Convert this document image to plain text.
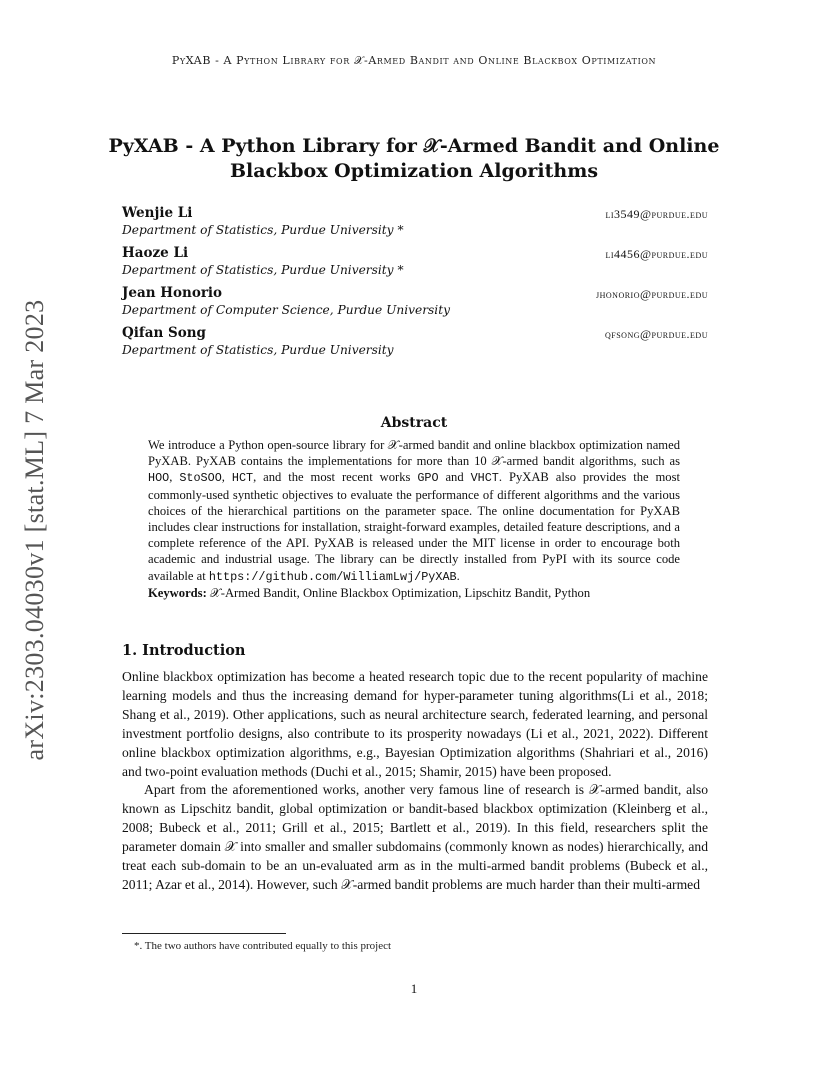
PyXAB - A Python Library for 𝒳-Armed Bandit and Online Blackbox Optimization
arXiv:2303.04030v1 [stat.ML] 7 Mar 2023
PyXAB - A Python Library for 𝒳-Armed Bandit and Online
Blackbox Optimization Algorithms
Wenjie Li	li3549@purdue.edu
Department of Statistics, Purdue University *
Haoze Li	li4456@purdue.edu
Department of Statistics, Purdue University *
Jean Honorio	jhonorio@purdue.edu
Department of Computer Science, Purdue University
Qifan Song	qfsong@purdue.edu
Department of Statistics, Purdue University
Abstract

We introduce a Python open-source library for 𝒳-armed bandit and online blackbox optimization named PyXAB. PyXAB contains the implementations for more than 10 𝒳-armed bandit algorithms, such as HOO, StoSOO, HCT, and the most recent works GPO and VHCT. PyXAB also provides the most commonly-used synthetic objectives to evaluate the performance of different algorithms and the various choices of the hierarchical partitions on the parameter space. The online documentation for PyXAB includes clear instructions for installation, straight-forward examples, detailed feature descriptions, and a complete reference of the API. PyXAB is released under the MIT license in order to encourage both academic and industrial usage. The library can be directly installed from PyPI with its source code available at https://github.com/WilliamLwj/PyXAB.

Keywords: 𝒳-Armed Bandit, Online Blackbox Optimization, Lipschitz Bandit, Python

1. Introduction

Online blackbox optimization has become a heated research topic due to the recent popularity of machine learning models and thus the increasing demand for hyper-parameter tuning algorithms(Li et al., 2018; Shang et al., 2019). Other applications, such as neural architecture search, federated learning, and personal investment portfolio designs, also contribute to its prosperity nowadays (Li et al., 2021, 2022). Different online blackbox optimization algorithms, e.g., Bayesian Optimization algorithms (Shahriari et al., 2016) and two-point evaluation methods (Duchi et al., 2015; Shamir, 2015) have been proposed.

Apart from the aforementioned works, another very famous line of research is 𝒳-armed bandit, also known as Lipschitz bandit, global optimization or bandit-based blackbox optimization (Kleinberg et al., 2008; Bubeck et al., 2011; Grill et al., 2015; Bartlett et al., 2019). In this field, researchers split the parameter domain 𝒳 into smaller and smaller subdomains (commonly known as nodes) hierarchically, and treat each sub-domain to be an un-evaluated arm as in the multi-armed bandit problems (Bubeck et al., 2011; Azar et al., 2014). However, such 𝒳-armed bandit problems are much harder than their multi-armed

*. The two authors have contributed equally to this project
1
